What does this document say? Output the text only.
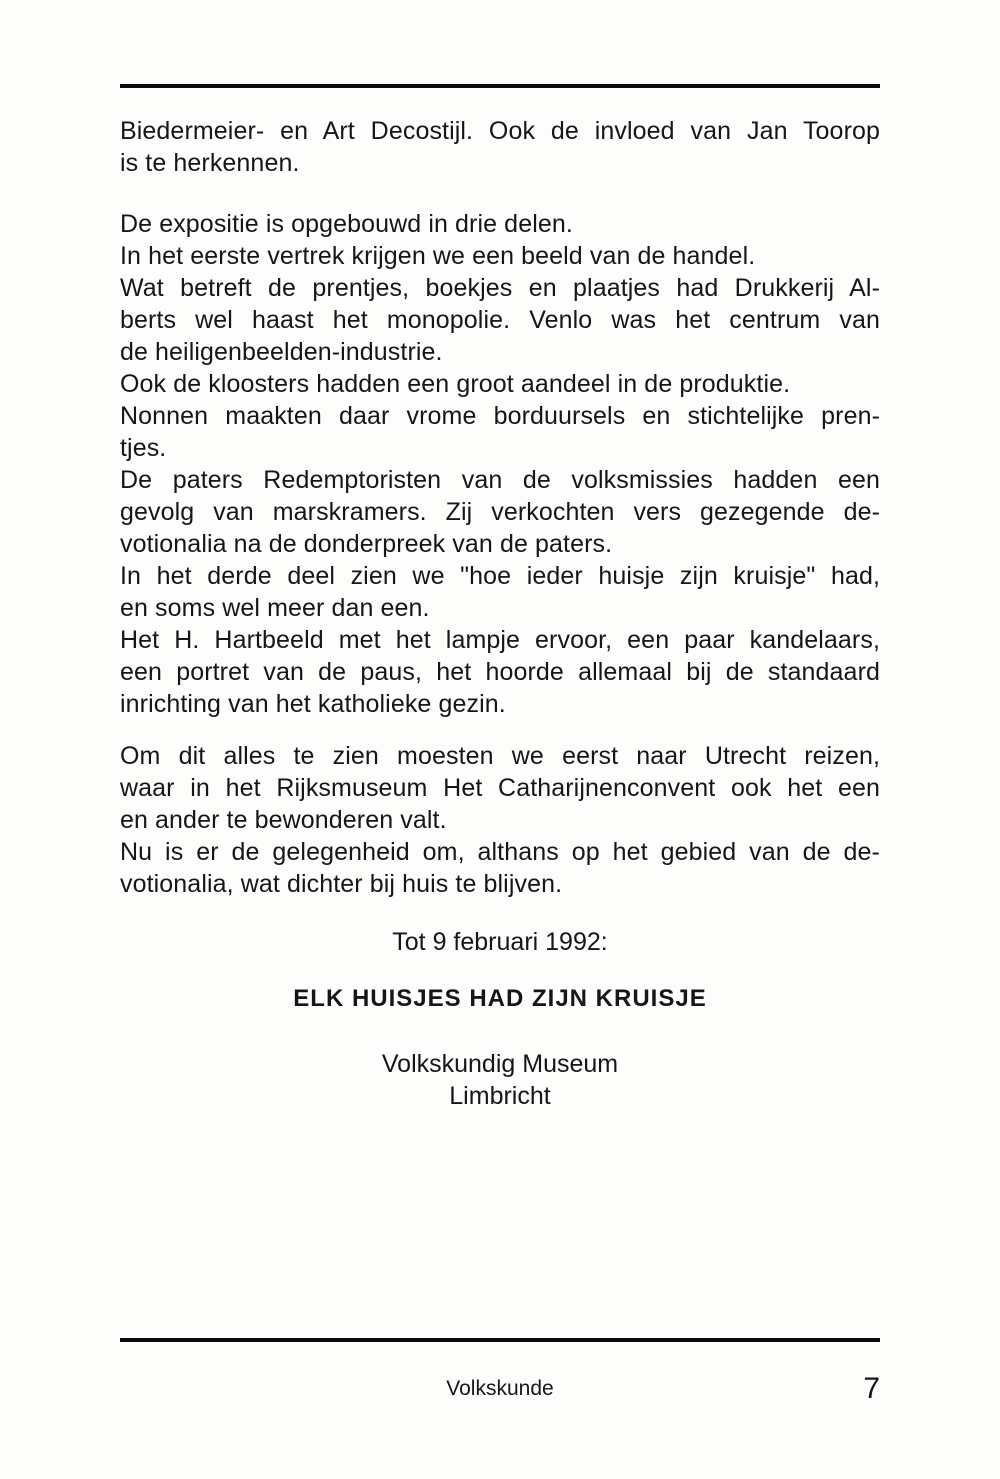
Biedermeier- en Art Decostijl. Ook de invloed van Jan Toorop
is te herkennen.
De expositie is opgebouwd in drie delen.
In het eerste vertrek krijgen we een beeld van de handel.
Wat betreft de prentjes, boekjes en plaatjes had Drukkerij Al-
berts wel haast het monopolie. Venlo was het centrum van
de heiligenbeelden-industrie.
Ook de kloosters hadden een groot aandeel in de produktie.
Nonnen maakten daar vrome borduursels en stichtelijke pren-
tjes.
De paters Redemptoristen van de volksmissies hadden een
gevolg van marskramers. Zij verkochten vers gezegende de-
votionalia na de donderpreek van de paters.
In het derde deel zien we "hoe ieder huisje zijn kruisje" had,
en soms wel meer dan een.
Het H. Hartbeeld met het lampje ervoor, een paar kandelaars,
een portret van de paus, het hoorde allemaal bij de standaard
inrichting van het katholieke gezin.
Om dit alles te zien moesten we eerst naar Utrecht reizen,
waar in het Rijksmuseum Het Catharijnenconvent ook het een
en ander te bewonderen valt.
Nu is er de gelegenheid om, althans op het gebied van de de-
votionalia, wat dichter bij huis te blijven.
Tot 9 februari 1992:
ELK HUISJES HAD ZIJN KRUISJE
Volkskundig Museum
Limbricht
Volkskunde	7
